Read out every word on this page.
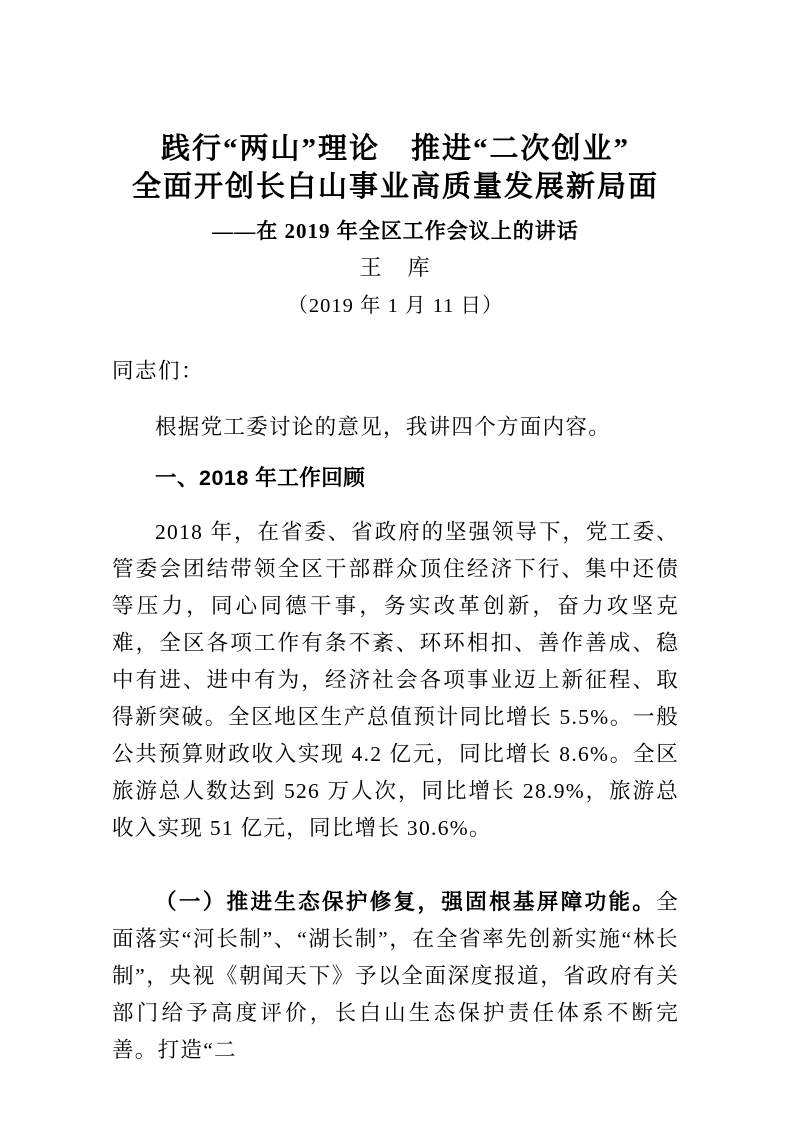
践行“两山”理论　推进“二次创业”
全面开创长白山事业高质量发展新局面
——在 2019 年全区工作会议上的讲话
王　库
（2019 年 1 月 11 日）
同志们：

根据党工委讨论的意见，我讲四个方面内容。

一、2018 年工作回顾

2018 年，在省委、省政府的坚强领导下，党工委、管委会团结带领全区干部群众顶住经济下行、集中还债等压力，同心同德干事，务实改革创新，奋力攻坚克难，全区各项工作有条不紊、环环相扣、善作善成、稳中有进、进中有为，经济社会各项事业迈上新征程、取得新突破。全区地区生产总值预计同比增长 5.5%。一般公共预算财政收入实现 4.2 亿元，同比增长 8.6%。全区旅游总人数达到 526 万人次，同比增长 28.9%，旅游总收入实现 51 亿元，同比增长 30.6%。

（一）推进生态保护修复，强固根基屏障功能。全面落实“河长制”、“湖长制”，在全省率先创新实施“林长制”，央视《朝闻天下》予以全面深度报道，省政府有关部门给予高度评价，长白山生态保护责任体系不断完善。打造“二
